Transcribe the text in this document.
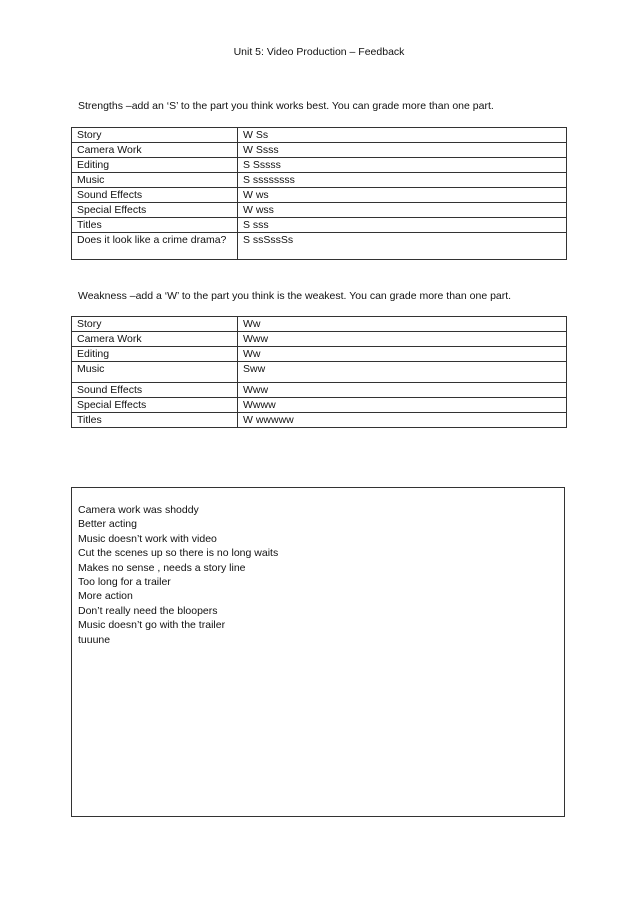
Unit 5: Video Production – Feedback
Strengths –add an ‘S’ to the part you think works best. You can grade more than one part.
Story	W Ss
Camera Work	W Ssss
Editing	S Sssss
Music	S ssssssss
Sound Effects	W ws
Special Effects	W wss
Titles	S sss
Does it look like a crime drama?	S ssSssSs
Weakness –add a ‘W’ to the part you think is the weakest. You can grade more than one part.
Story	Ww
Camera Work	Www
Editing	Ww
Music	Sww
Sound Effects	Www
Special Effects	Wwww
Titles	W wwwww
Camera work was shoddy
Better acting
Music doesn’t work with video
Cut the scenes up so there is no long waits
Makes no sense , needs a story line
Too long for a trailer
More action
Don’t really need the bloopers
Music doesn’t go with the trailer
tuuune
